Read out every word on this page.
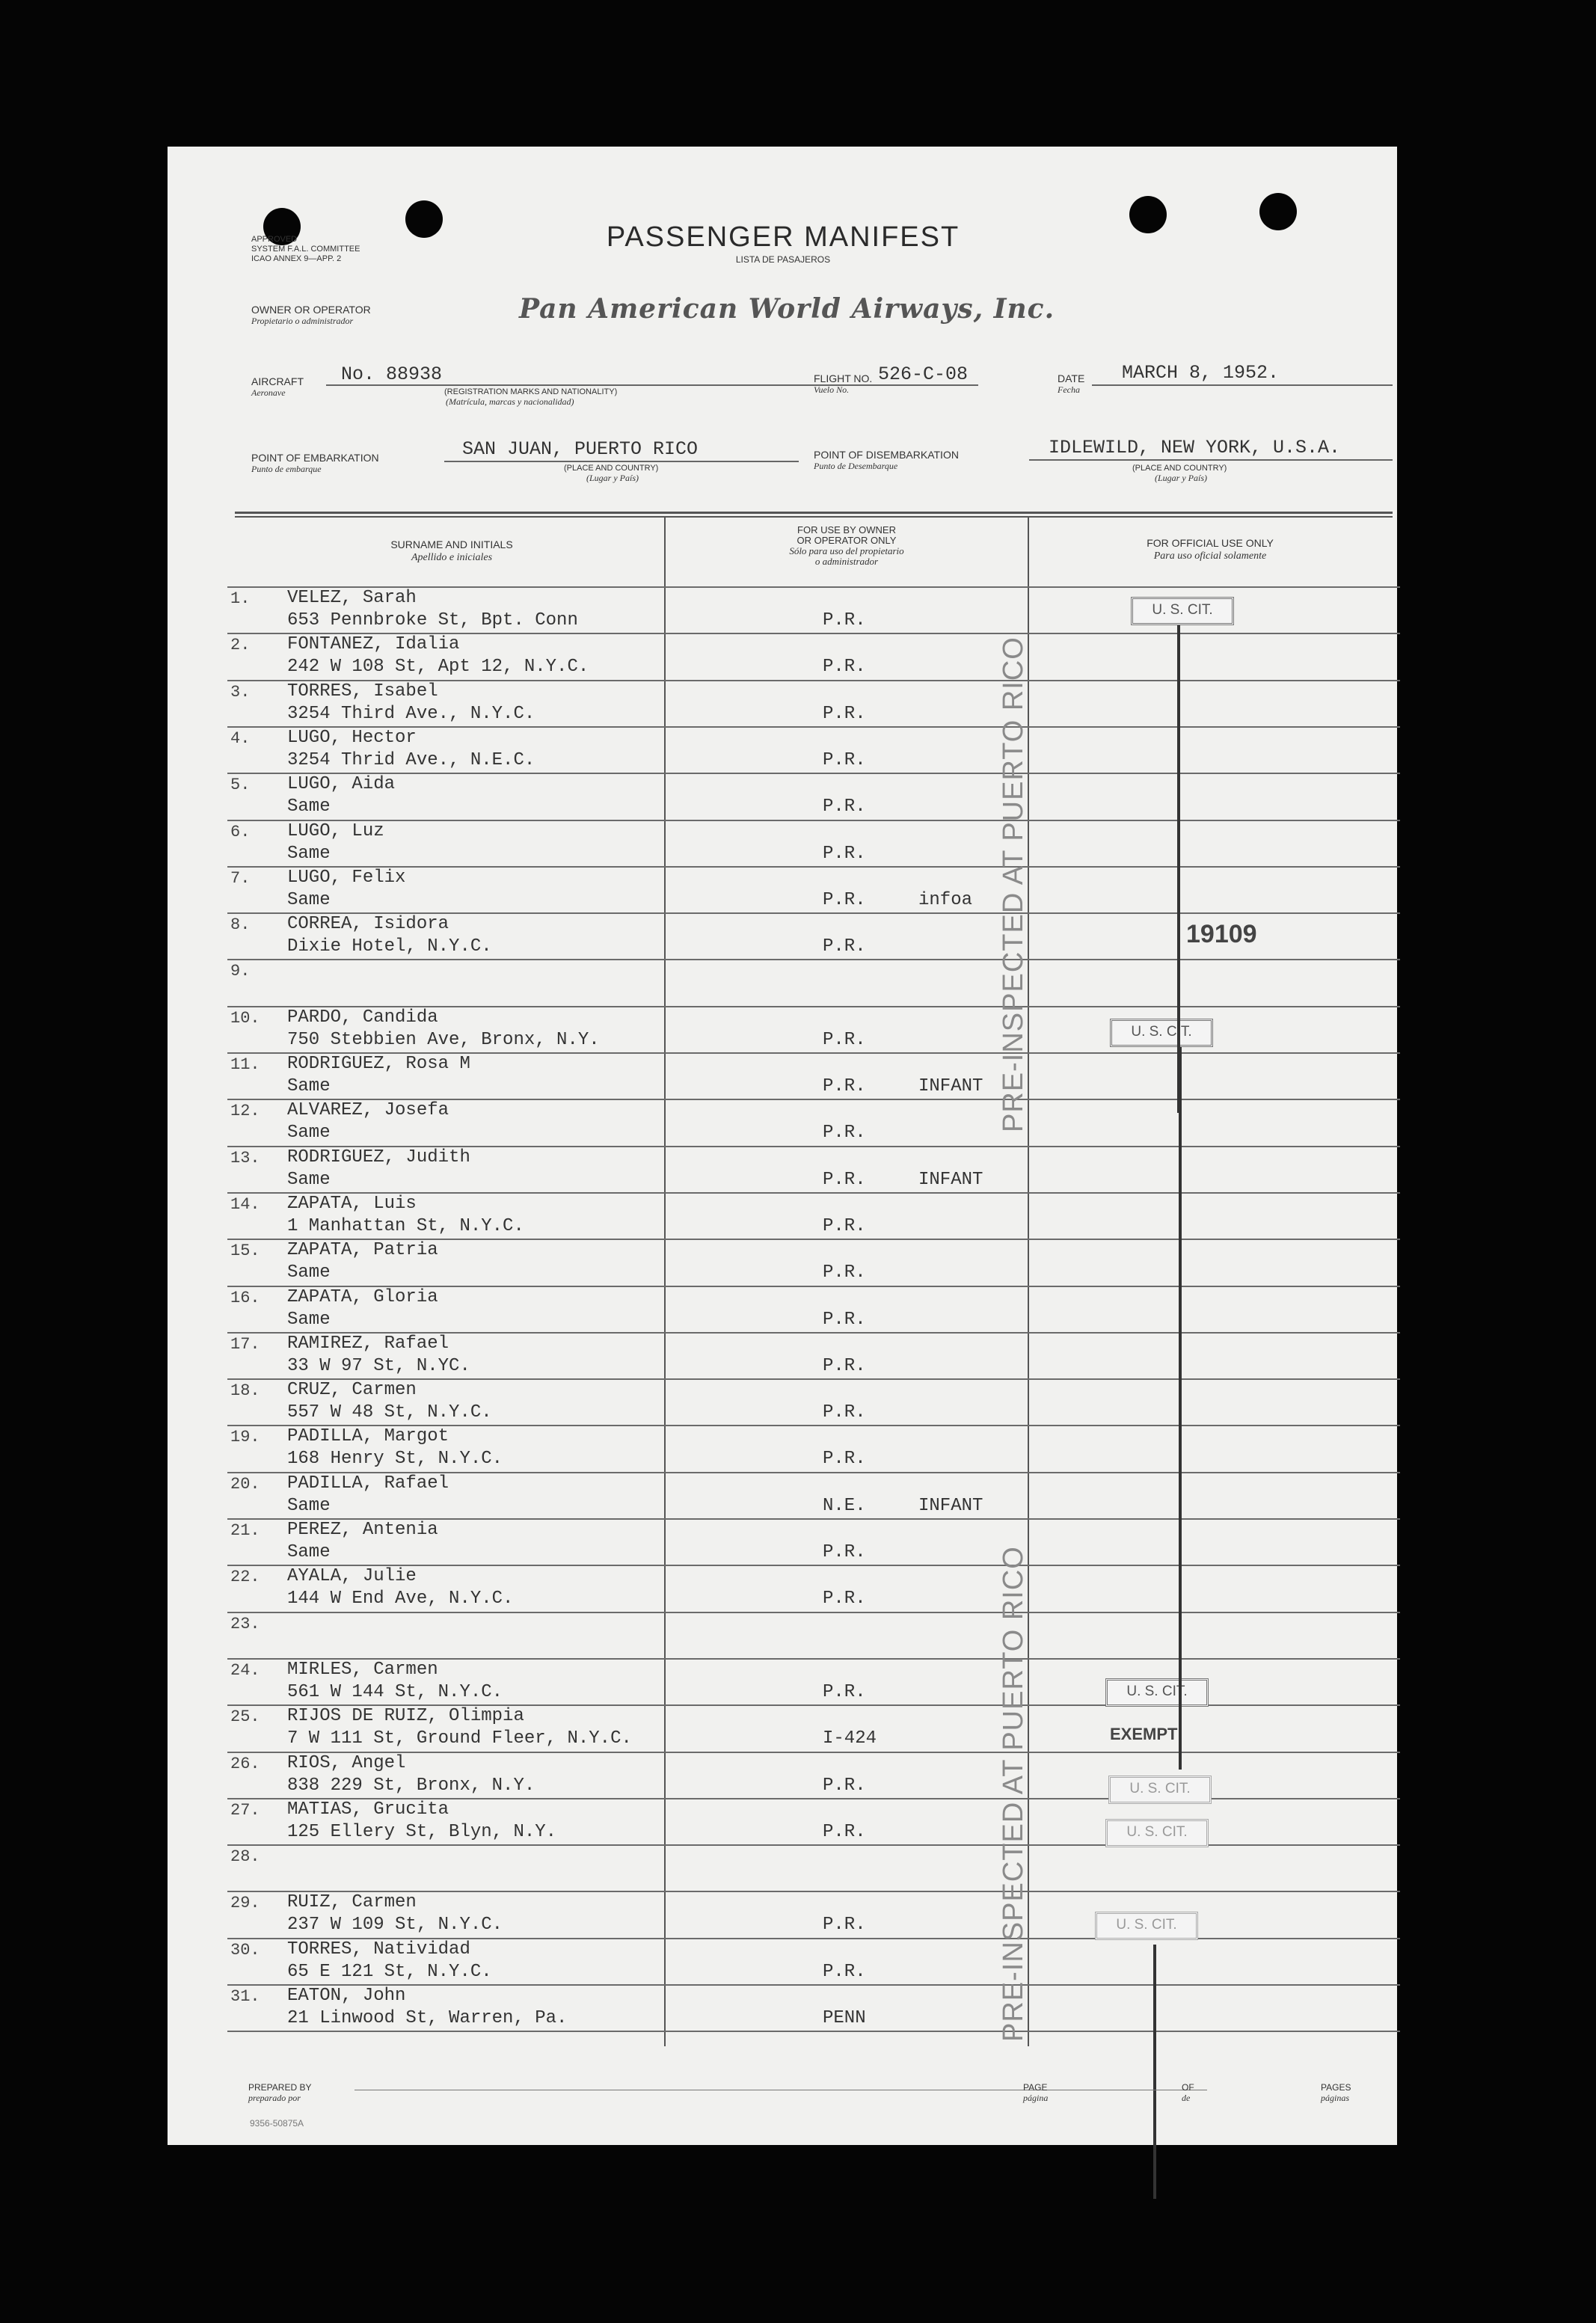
APPROVED
SYSTEM F.A.L. COMMITTEE
ICAO ANNEX 9—APP. 2
PASSENGER MANIFEST
LISTA DE PASAJEROS
OWNER OR OPERATOR
Propietario o administrador	Pan American World Airways, Inc.
AIRCRAFT
Aeronave
No. 88938
(REGISTRATION MARKS AND NATIONALITY)
(Matrícula, marcas y nacionalidad)
FLIGHT NO.
Vuelo No.
526-C-08	DATE
Fecha
MARCH 8, 1952.
POINT OF EMBARKATION
Punto de embarque
SAN JUAN, PUERTO RICO
(PLACE AND COUNTRY)
(Lugar y País)
POINT OF DISEMBARKATION
Punto de Desembarque
IDLEWILD, NEW YORK, U.S.A.
(PLACE AND COUNTRY)
(Lugar y País)
SURNAME AND INITIALS
Apellido e iniciales
FOR USE BY OWNER
OR OPERATOR ONLY
Sólo para uso del propietario
o administrador
FOR OFFICIAL USE ONLY
Para uso oficial solamente
1. VELEZ, Sarah
653 Pennbroke St, Bpt. Conn	P.R.
2. FONTANEZ, Idalia
242 W 108 St, Apt 12, N.Y.C.	P.R.
3. TORRES, Isabel
3254 Third Ave., N.Y.C.	P.R.
4. LUGO, Hector
3254 Thrid Ave., N.E.C.	P.R.
5. LUGO, Aida
Same	P.R.
6. LUGO, Luz
Same	P.R.
7. LUGO, Felix
Same	P.R.	infoa
8. CORREA, Isidora
Dixie Hotel, N.Y.C.	P.R.
9.
10. PARDO, Candida
750 Stebbien Ave, Bronx, N.Y.	P.R.
11. RODRIGUEZ, Rosa M
Same	P.R.	INFANT
12. ALVAREZ, Josefa
Same	P.R.
13. RODRIGUEZ, Judith
Same	P.R.	INFANT
14. ZAPATA, Luis
1 Manhattan St, N.Y.C.	P.R.
15. ZAPATA, Patria
Same	P.R.
16. ZAPATA, Gloria
Same	P.R.
17. RAMIREZ, Rafael
33 W 97 St, N.YC.	P.R.
18. CRUZ, Carmen
557 W 48 St, N.Y.C.	P.R.
19. PADILLA, Margot
168 Henry St, N.Y.C.	P.R.
20. PADILLA, Rafael
Same	N.E.	INFANT
21. PEREZ, Antenia
Same	P.R.
22. AYALA, Julie
144 W End Ave, N.Y.C.	P.R.
23.
24. MIRLES, Carmen
561 W 144 St, N.Y.C.	P.R.
25. RIJOS DE RUIZ, Olimpia
7 W 111 St, Ground Fleer, N.Y.C.	I-424
26. RIOS, Angel
838 229 St, Bronx, N.Y.	P.R.
27. MATIAS, Grucita
125 Ellery St, Blyn, N.Y.	P.R.
28.
29. RUIZ, Carmen
237 W 109 St, N.Y.C.	P.R.
30. TORRES, Natividad
65 E 121 St, N.Y.C.	P.R.
31. EATON, John
21 Linwood St, Warren, Pa.	PENN
PRE-INSPECTED AT PUERTO RICO
PRE-INSPECTED AT PUERTO RICO
U. S. CIT.
U. S. CIT.
U. S. CIT.
EXEMPT
U. S. CIT.
U. S. CIT.
U. S. CIT.
19109
PREPARED BY
preparado por
PAGE
página
OF
de
PAGES
páginas
9356-50875A
